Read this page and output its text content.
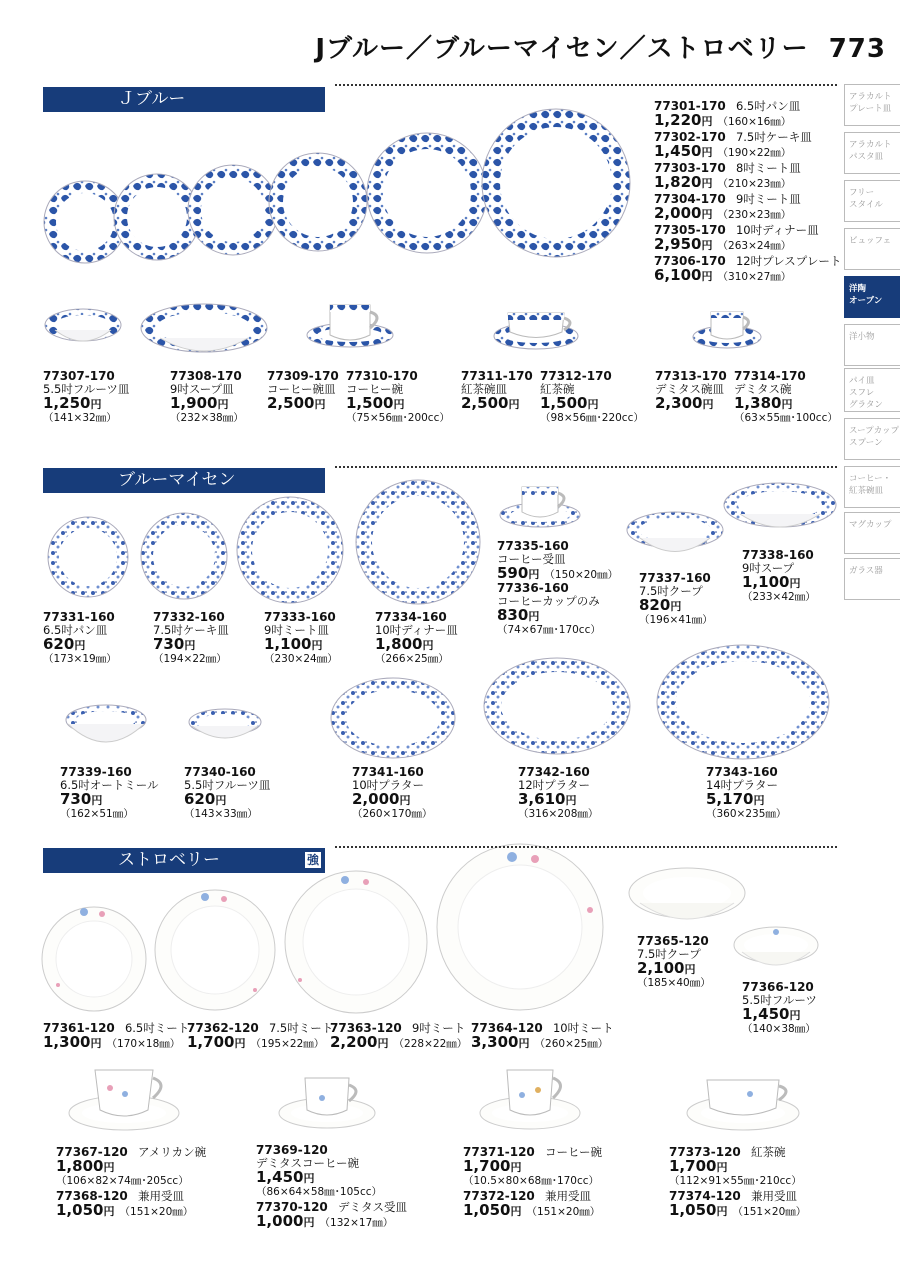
Jブルー／ブルーマイセン／ストロベリー 773
アラカルト
プレート皿
アラカルト
パスタ皿
フリー
スタイル
ビュッフェ
洋陶
オーブン
洋小物
パイ皿
スフレ
グラタン
スープカップ
スプーン
コーヒー・
紅茶碗皿
マグカップ
ガラス器
Ｊブルー	77301-170 6.5吋パン皿
1,220円 （160×16㎜）
77302-170 7.5吋ケーキ皿
1,450円 （190×22㎜）
77303-170 8吋ミート皿
1,820円 （210×23㎜）
77304-170 9吋ミート皿
2,000円 （230×23㎜）
77305-170 10吋ディナー皿
2,950円 （263×24㎜）
77306-170 12吋プレスプレート
6,100円 （310×27㎜）
77307-170
5.5吋フルーツ皿
1,250円
（141×32㎜）
77308-170
9吋スープ皿
1,900円
（232×38㎜）
77309-170
コーヒー碗皿
2,500円
77310-170
コーヒー碗
1,500円
（75×56㎜･200cc）
77311-170
紅茶碗皿
2,500円
77312-170
紅茶碗
1,500円
（98×56㎜･220cc）
77313-170
デミタス碗皿
2,300円
77314-170
デミタス碗
1,380円
（63×55㎜･100cc）
ブルーマイセン
77331-160
6.5吋パン皿
620円
（173×19㎜）
77332-160
7.5吋ケーキ皿
730円
（194×22㎜）
77333-160
9吋ミート皿
1,100円
（230×24㎜）
77334-160
10吋ディナー皿
1,800円
（266×25㎜）
77335-160
コーヒー受皿
590円 （150×20㎜）
77336-160
コーヒーカップのみ
830円
（74×67㎜･170cc）
77337-160
7.5吋クープ
820円
（196×41㎜）
77338-160
9吋スープ
1,100円
（233×42㎜）
77339-160
6.5吋オートミール
730円
（162×51㎜）
77340-160
5.5吋フルーツ皿
620円
（143×33㎜）
77341-160
10吋プラター
2,000円
（260×170㎜）
77342-160
12吋プラター
3,610円
（316×208㎜）
77343-160
14吋プラター
5,170円
（360×235㎜）
ストロベリー	強
77361-120 6.5吋ミート
1,300円 （170×18㎜）
77362-120 7.5吋ミート
1,700円 （195×22㎜）
77363-120 9吋ミート
2,200円 （228×22㎜）
77364-120 10吋ミート
3,300円 （260×25㎜）
77365-120
7.5吋クープ
2,100円
（185×40㎜）	77366-120
5.5吋フルーツ
1,450円
（140×38㎜）
77367-120 アメリカン碗
1,800円
（106×82×74㎜･205cc）
77368-120 兼用受皿
1,050円 （151×20㎜）
77369-120
デミタスコーヒー碗
1,450円
（86×64×58㎜･105cc）
77370-120 デミタス受皿
1,000円 （132×17㎜）
77371-120 コーヒー碗
1,700円
（10.5×80×68㎜･170cc）
77372-120 兼用受皿
1,050円 （151×20㎜）
77373-120 紅茶碗
1,700円
（112×91×55㎜･210cc）
77374-120 兼用受皿
1,050円 （151×20㎜）
